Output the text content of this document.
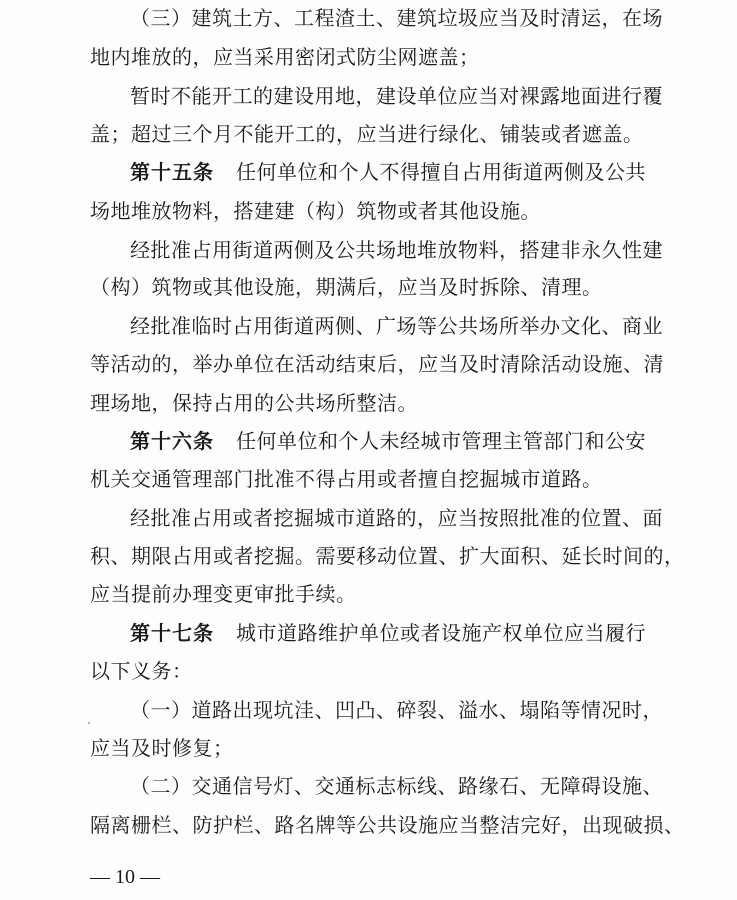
（三）建筑土方、工程渣土、建筑垃圾应当及时清运，在场
地内堆放的，应当采用密闭式防尘网遮盖；
暂时不能开工的建设用地，建设单位应当对裸露地面进行覆
盖；超过三个月不能开工的，应当进行绿化、铺装或者遮盖。
第十五条 任何单位和个人不得擅自占用街道两侧及公共
场地堆放物料，搭建建（构）筑物或者其他设施。
经批准占用街道两侧及公共场地堆放物料，搭建非永久性建
（构）筑物或其他设施，期满后，应当及时拆除、清理。
经批准临时占用街道两侧、广场等公共场所举办文化、商业
等活动的，举办单位在活动结束后，应当及时清除活动设施、清
理场地，保持占用的公共场所整洁。
第十六条 任何单位和个人未经城市管理主管部门和公安
机关交通管理部门批准不得占用或者擅自挖掘城市道路。
经批准占用或者挖掘城市道路的，应当按照批准的位置、面
积、期限占用或者挖掘。需要移动位置、扩大面积、延长时间的，
应当提前办理变更审批手续。
第十七条 城市道路维护单位或者设施产权单位应当履行
以下义务：
（一）道路出现坑洼、凹凸、碎裂、溢水、塌陷等情况时，
应当及时修复；
（二）交通信号灯、交通标志标线、路缘石、无障碍设施、
隔离栅栏、防护栏、路名牌等公共设施应当整洁完好，出现破损、
— 10 —
